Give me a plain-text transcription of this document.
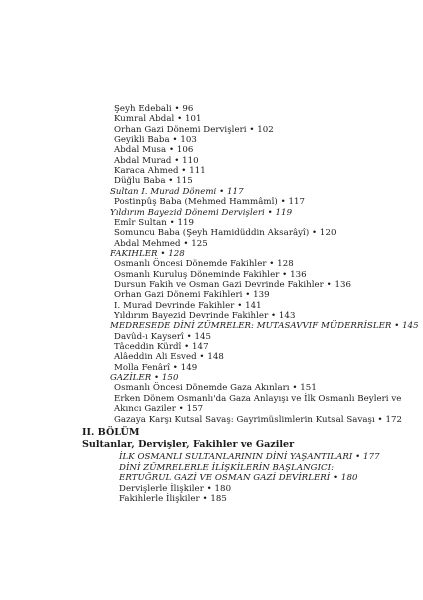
Şeyh Edebali • 96
Kumral Abdal • 101
Orhan Gazi Dönemi Dervişleri • 102
Geyikli Baba • 103
Abdal Musa • 106
Abdal Murad • 110
Karaca Ahmed • 111
Düğlu Baba • 115
Sultan I. Murad Dönemi • 117
Postinpûş Baba (Mehmed Hammâmî) • 117
Yıldırım Bayezid Dönemi Dervişleri • 119
Emîr Sultan • 119
Somuncu Baba (Şeyh Hamidüddin Aksarâyî) • 120
Abdal Mehmed • 125
FAKIHLER • 128
Osmanlı Öncesi Dönemde Fakihler • 128
Osmanlı Kuruluş Döneminde Fakihler • 136
Dursun Fakih ve Osman Gazi Devrinde Fakihler • 136
Orhan Gazi Dönemi Fakihleri • 139
I. Murad Devrinde Fakihler • 141
Yıldırım Bayezid Devrinde Fakihler • 143
MEDRESEDE DİNİ ZÜMRELER: MUTASAVVIF MÜDERRİSLER • 145
Davûd-ı Kayserî • 145
Tâceddin Kürdî • 147
Alâeddin Ali Esved • 148
Molla Fenârî • 149
GAZİLER • 150
Osmanlı Öncesi Dönemde Gaza Akınları • 151
Erken Dönem Osmanlı'da Gaza Anlayışı ve İlk Osmanlı Beyleri ve
Akıncı Gaziler • 157
Gazaya Karşı Kutsal Savaş: Gayrimüslimlerin Kutsal Savaşı • 172
II. BÖLÜM
Sultanlar, Dervişler, Fakihler ve Gaziler
İLK OSMANLI SULTANLARININ DİNİ YAŞANTILARI • 177
DİNİ ZÜMRELERLE İLİŞKİLERİN BAŞLANGICI:
ERTUĞRUL GAZİ VE OSMAN GAZİ DEVİRLERİ • 180
Dervişlerle İlişkiler • 180
Fakihlerle İlişkiler • 185
